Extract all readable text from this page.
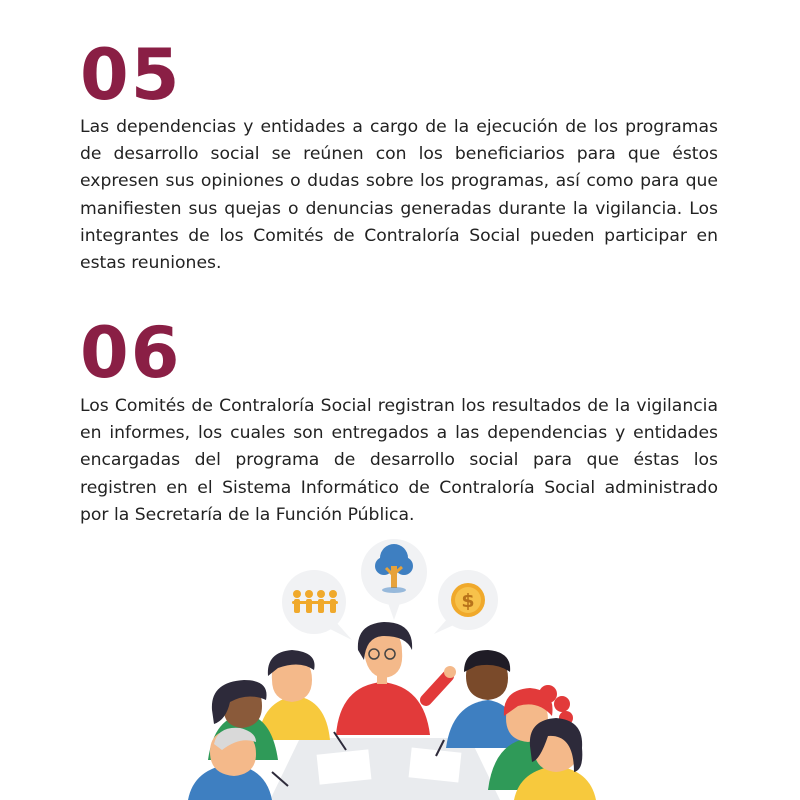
05

Las dependencias y entidades a cargo de la ejecución de los programas de desarrollo social se reúnen con los beneficiarios para que éstos expresen sus opiniones o dudas sobre los programas, así como para que manifiesten sus quejas o denuncias generadas durante la vigilancia. Los integrantes de los Comités de Contraloría Social pueden participar en estas reuniones.

06

Los Comités de Contraloría Social registran los resultados de la vigilancia en informes, los cuales son entregados a las dependencias y entidades encargadas del programa de desarrollo social para que éstas los registren en el Sistema Informático de Contraloría Social administrado por la Secretaría de la Función Pública.

$
